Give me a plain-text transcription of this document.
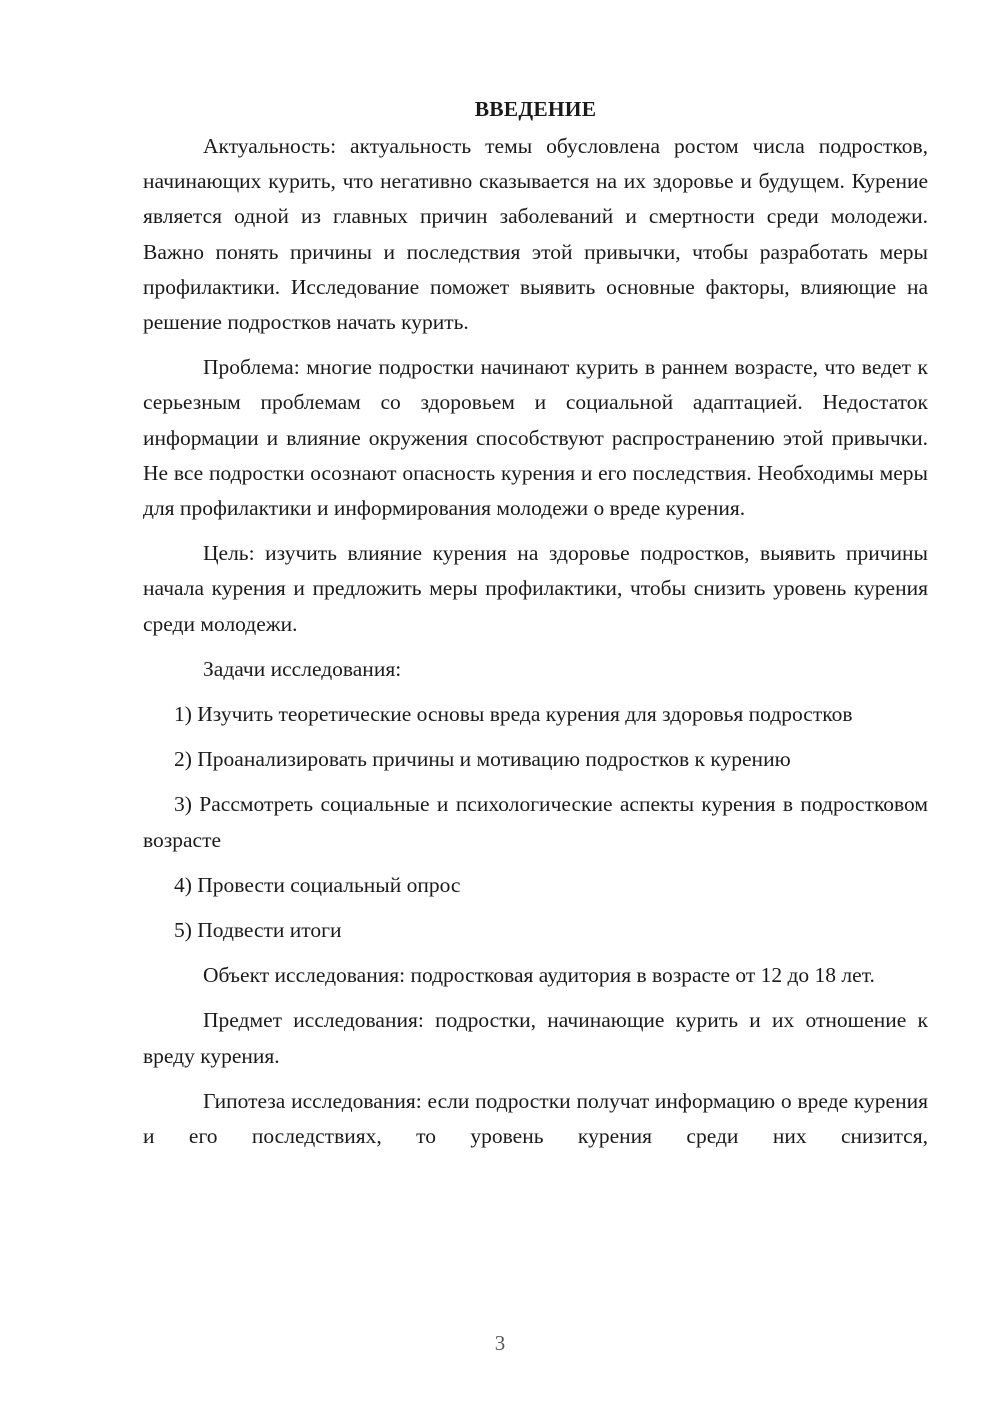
ВВЕДЕНИЕ

Актуальность: актуальность темы обусловлена ростом числа подростков, начинающих курить, что негативно сказывается на их здоровье и будущем. Курение является одной из главных причин заболеваний и смертности среди молодежи. Важно понять причины и последствия этой привычки, чтобы разработать меры профилактики. Исследование поможет выявить основные факторы, влияющие на решение подростков начать курить.

Проблема: многие подростки начинают курить в раннем возрасте, что ведет к серьезным проблемам со здоровьем и социальной адаптацией. Недостаток информации и влияние окружения способствуют распространению этой привычки. Не все подростки осознают опасность курения и его последствия. Необходимы меры для профилактики и информирования молодежи о вреде курения.

Цель: изучить влияние курения на здоровье подростков, выявить причины начала курения и предложить меры профилактики, чтобы снизить уровень курения среди молодежи.

Задачи исследования:

1) Изучить теоретические основы вреда курения для здоровья подростков

2) Проанализировать причины и мотивацию подростков к курению

3) Рассмотреть социальные и психологические аспекты курения в подростковом возрасте

4) Провести социальный опрос

5) Подвести итоги

Объект исследования: подростковая аудитория в возрасте от 12 до 18 лет.

Предмет исследования: подростки, начинающие курить и их отношение к вреду курения.

Гипотеза исследования: если подростки получат информацию о вреде курения и его последствиях, то уровень курения среди них снизится,

3
